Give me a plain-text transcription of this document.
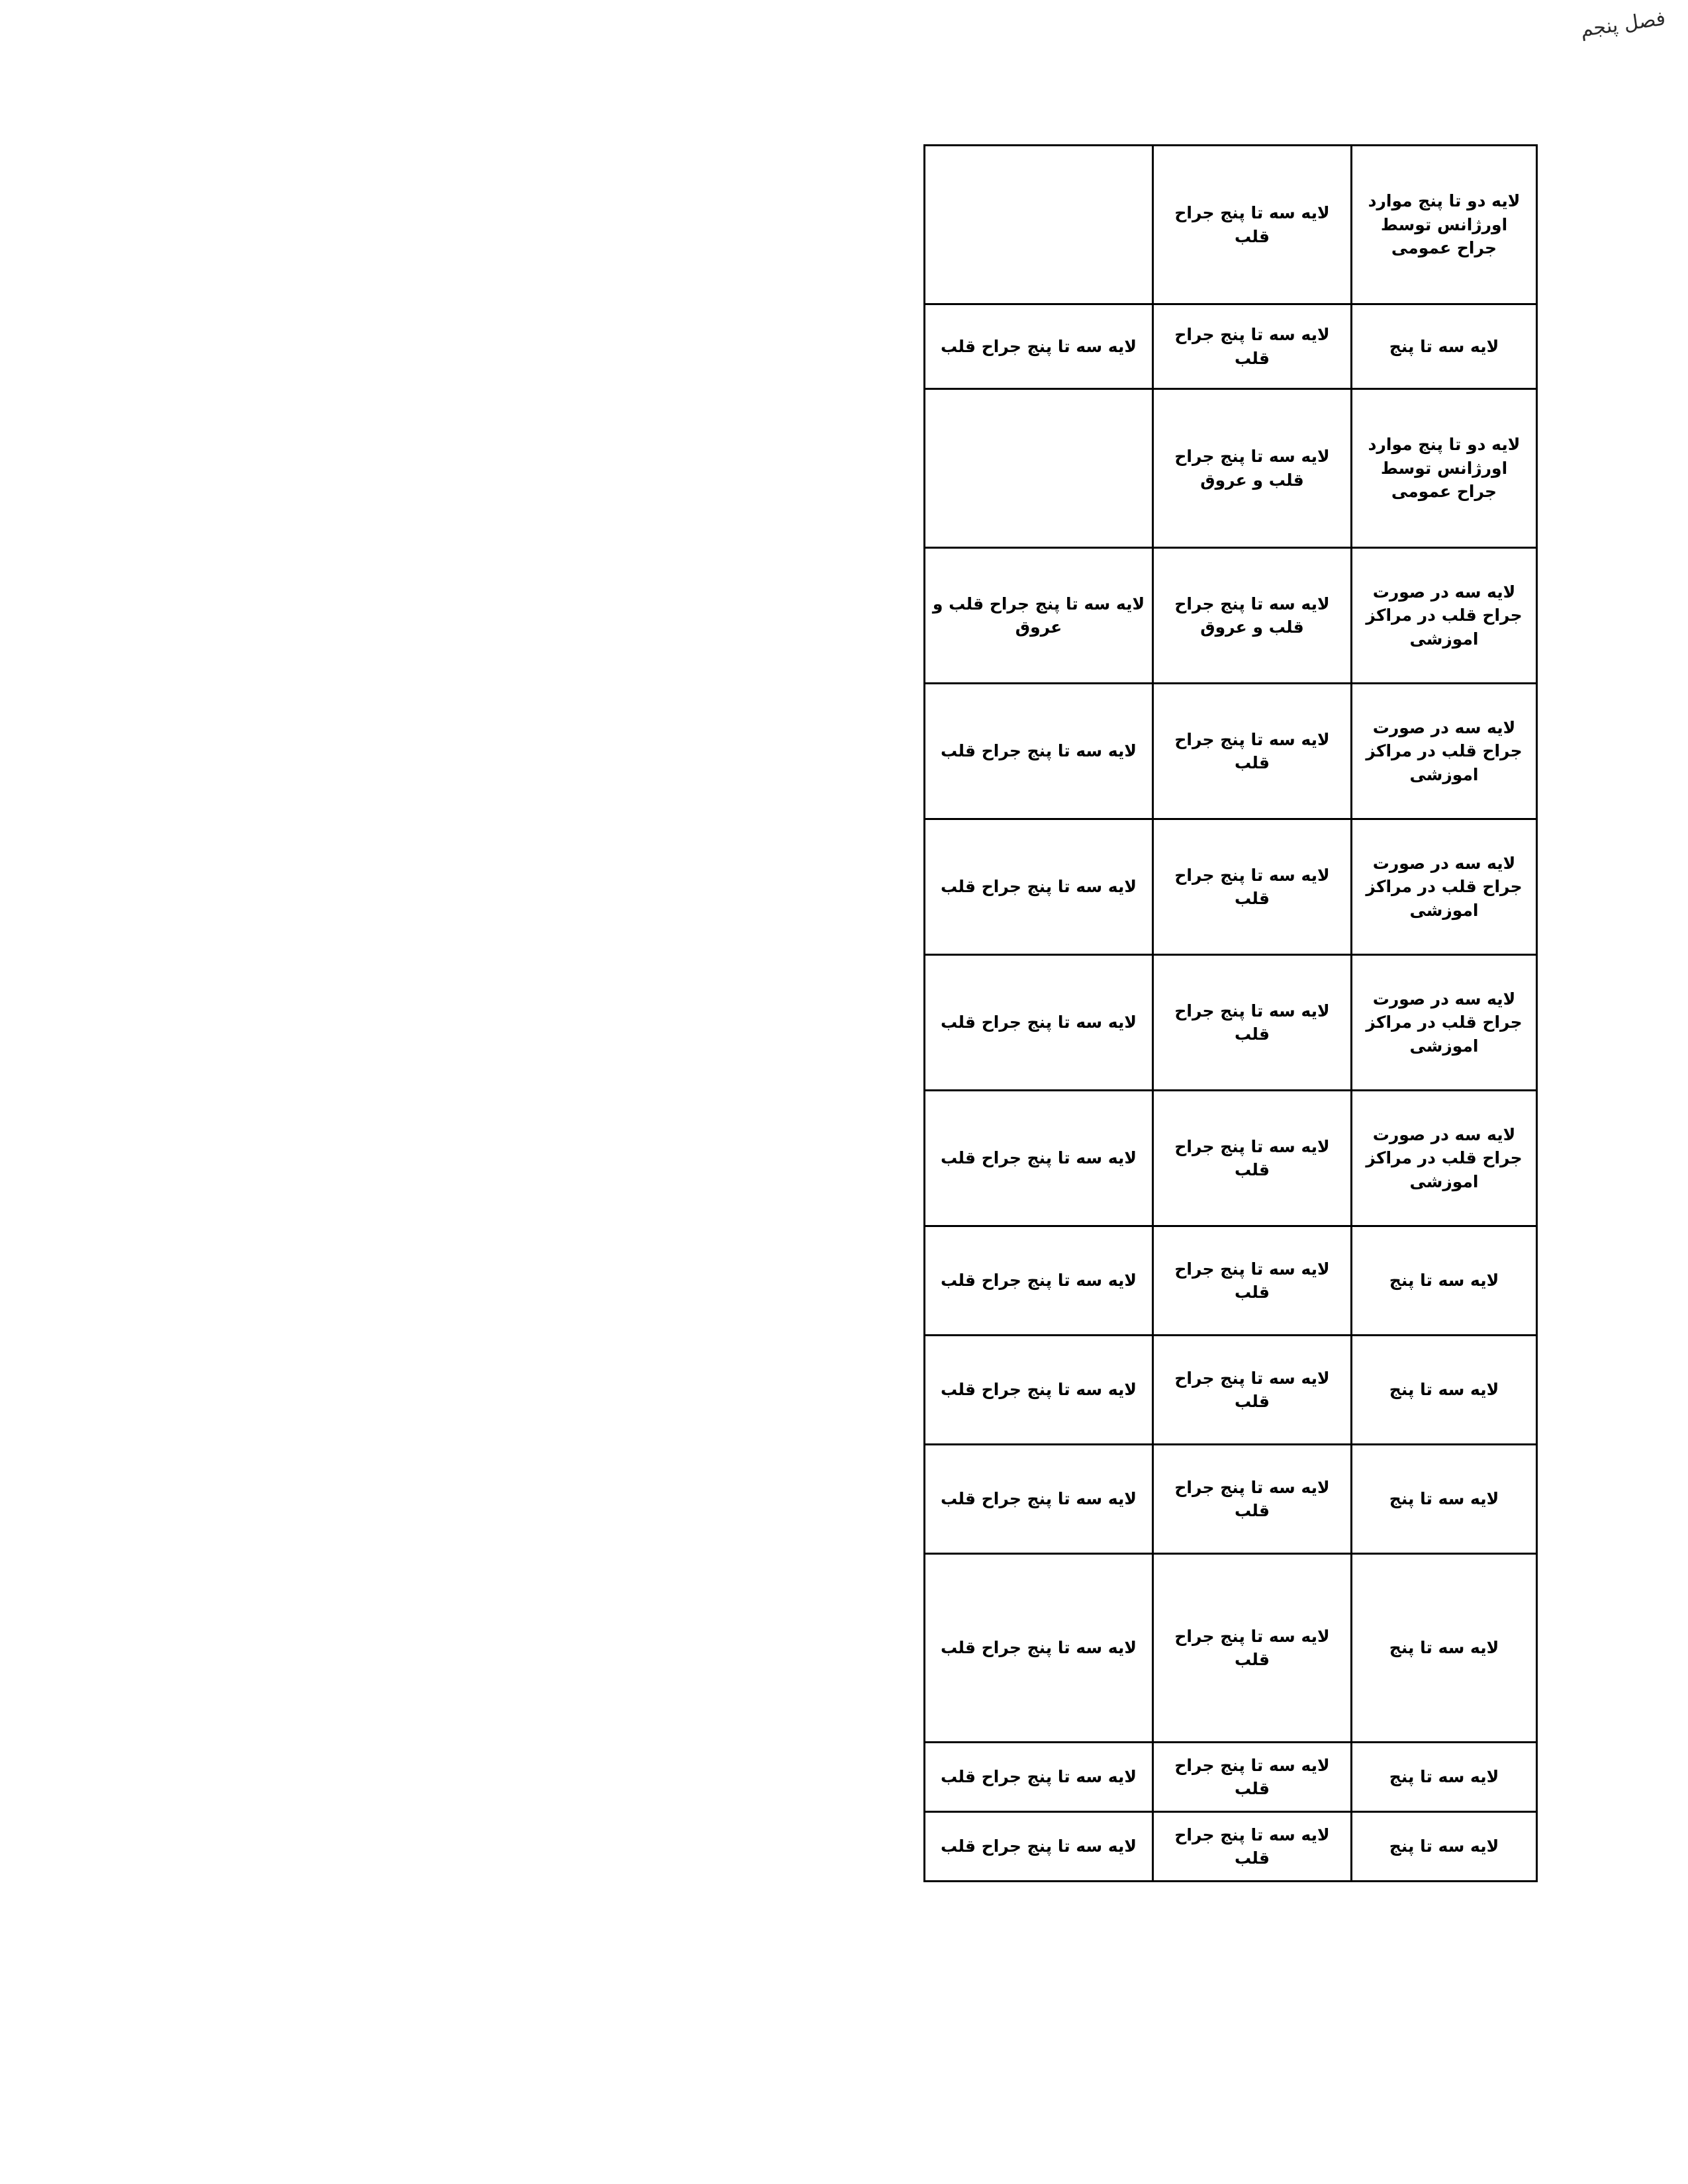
فصل پنجم
لایه دو تا پنج موارد اورژانس توسط جراح عمومی	لایه سه تا پنج جراح قلب	
لایه سه تا پنج	لایه سه تا پنج جراح قلب	لایه سه تا پنج جراح قلب
لایه دو تا پنج موارد اورژانس توسط جراح عمومی	لایه سه تا پنج جراح قلب و عروق	
لایه سه در صورت جراح قلب در مراکز اموزشی	لایه سه تا پنج جراح قلب و عروق	لایه سه تا پنج جراح قلب و عروق
لایه سه در صورت جراح قلب در مراکز اموزشی	لایه سه تا پنج جراح قلب	لایه سه تا پنج جراح قلب
لایه سه در صورت جراح قلب در مراکز اموزشی	لایه سه تا پنج جراح قلب	لایه سه تا پنج جراح قلب
لایه سه در صورت جراح قلب در مراکز اموزشی	لایه سه تا پنج جراح قلب	لایه سه تا پنج جراح قلب
لایه سه در صورت جراح قلب در مراکز اموزشی	لایه سه تا پنج جراح قلب	لایه سه تا پنج جراح قلب
لایه سه تا پنج	لایه سه تا پنج جراح قلب	لایه سه تا پنج جراح قلب
لایه سه تا پنج	لایه سه تا پنج جراح قلب	لایه سه تا پنج جراح قلب
لایه سه تا پنج	لایه سه تا پنج جراح قلب	لایه سه تا پنج جراح قلب
لایه سه تا پنج	لایه سه تا پنج جراح قلب	لایه سه تا پنج جراح قلب
لایه سه تا پنج	لایه سه تا پنج جراح قلب	لایه سه تا پنج جراح قلب
لایه سه تا پنج	لایه سه تا پنج جراح قلب	لایه سه تا پنج جراح قلب
